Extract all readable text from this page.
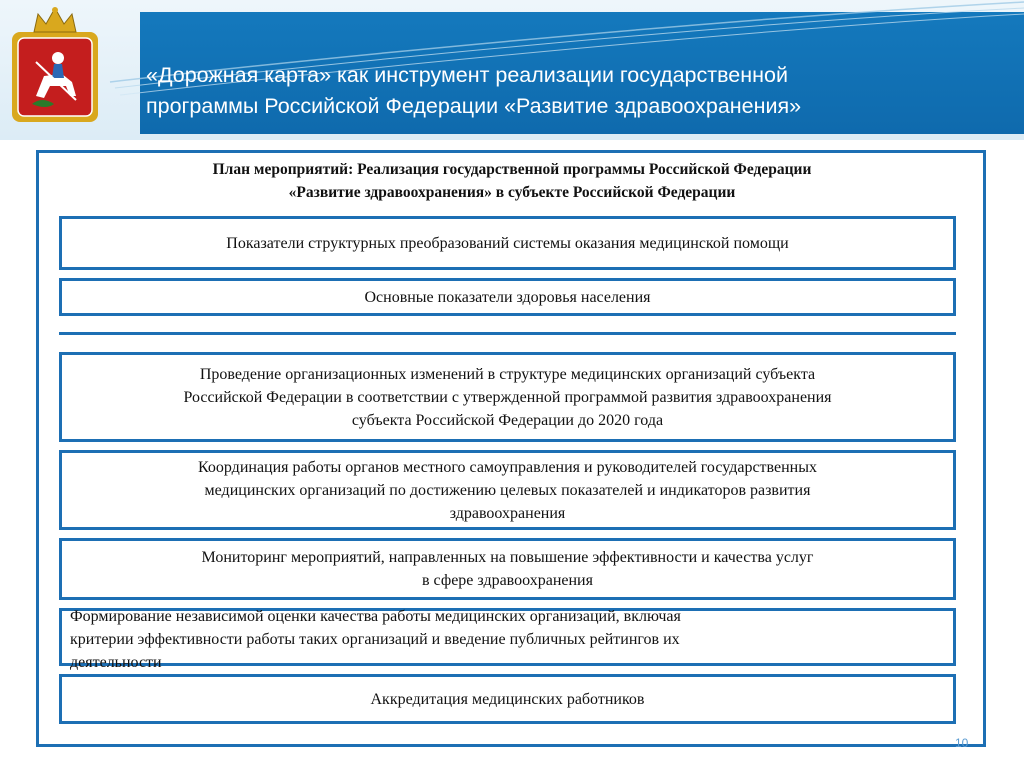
«Дорожная карта» как инструмент реализации государственной
программы Российской Федерации «Развитие здравоохранения»
План мероприятий: Реализация государственной программы Российской Федерации
«Развитие здравоохранения» в субъекте Российской Федерации
Показатели структурных преобразований системы оказания медицинской помощи
Основные показатели здоровья населения
Проведение организационных изменений в структуре медицинских организаций субъекта
Российской Федерации в соответствии с утвержденной программой развития здравоохранения
субъекта Российской Федерации до 2020 года
Координация работы органов местного самоуправления и руководителей государственных
медицинских организаций по достижению целевых показателей и индикаторов развития
здравоохранения
Мониторинг мероприятий, направленных на повышение эффективности и качества услуг
в сфере здравоохранения
Формирование независимой оценки качества работы медицинских организаций, включая
критерии эффективности работы таких организаций и введение публичных рейтингов их
деятельности
Аккредитация медицинских работников
10
